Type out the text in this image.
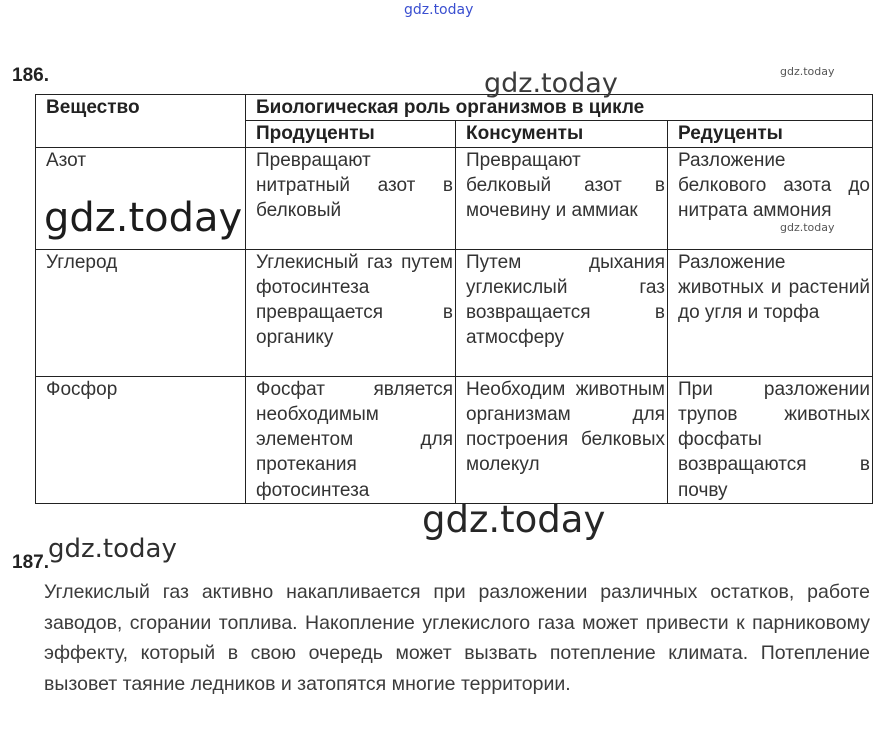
gdz.today
gdz.today
186.
Вещество	Биологическая роль организмов в цикле		
	Продуценты	Консументы	Редуценты
Азот	Превращают нитратный азот в белковый	Превращают белковый азот в мочевину и аммиак	Разложение белкового азота до нитрата аммония
Углерод	Углекисный газ путем фотосинтеза превращается в органику	Путем дыхания углекислый газ возвращается в атмосферу	Разложение животных и растений до угля и торфа
Фосфор	Фосфат является необходимым элементом для протекания фотосинтеза	Необходим животным организмам для построения белковых молекул	При разложении трупов животных фосфаты возвращаются в почву
gdz.today
gdz.today	gdz.today
gdz.today
187. gdz.today

Углекислый газ активно накапливается при разложении различных остатков, работе заводов, сгорании топлива. Накопление углекислого газа может привести к парниковому эффекту, который в свою очередь может вызвать потепление климата. Потепление вызовет таяние ледников и затопятся многие территории.
